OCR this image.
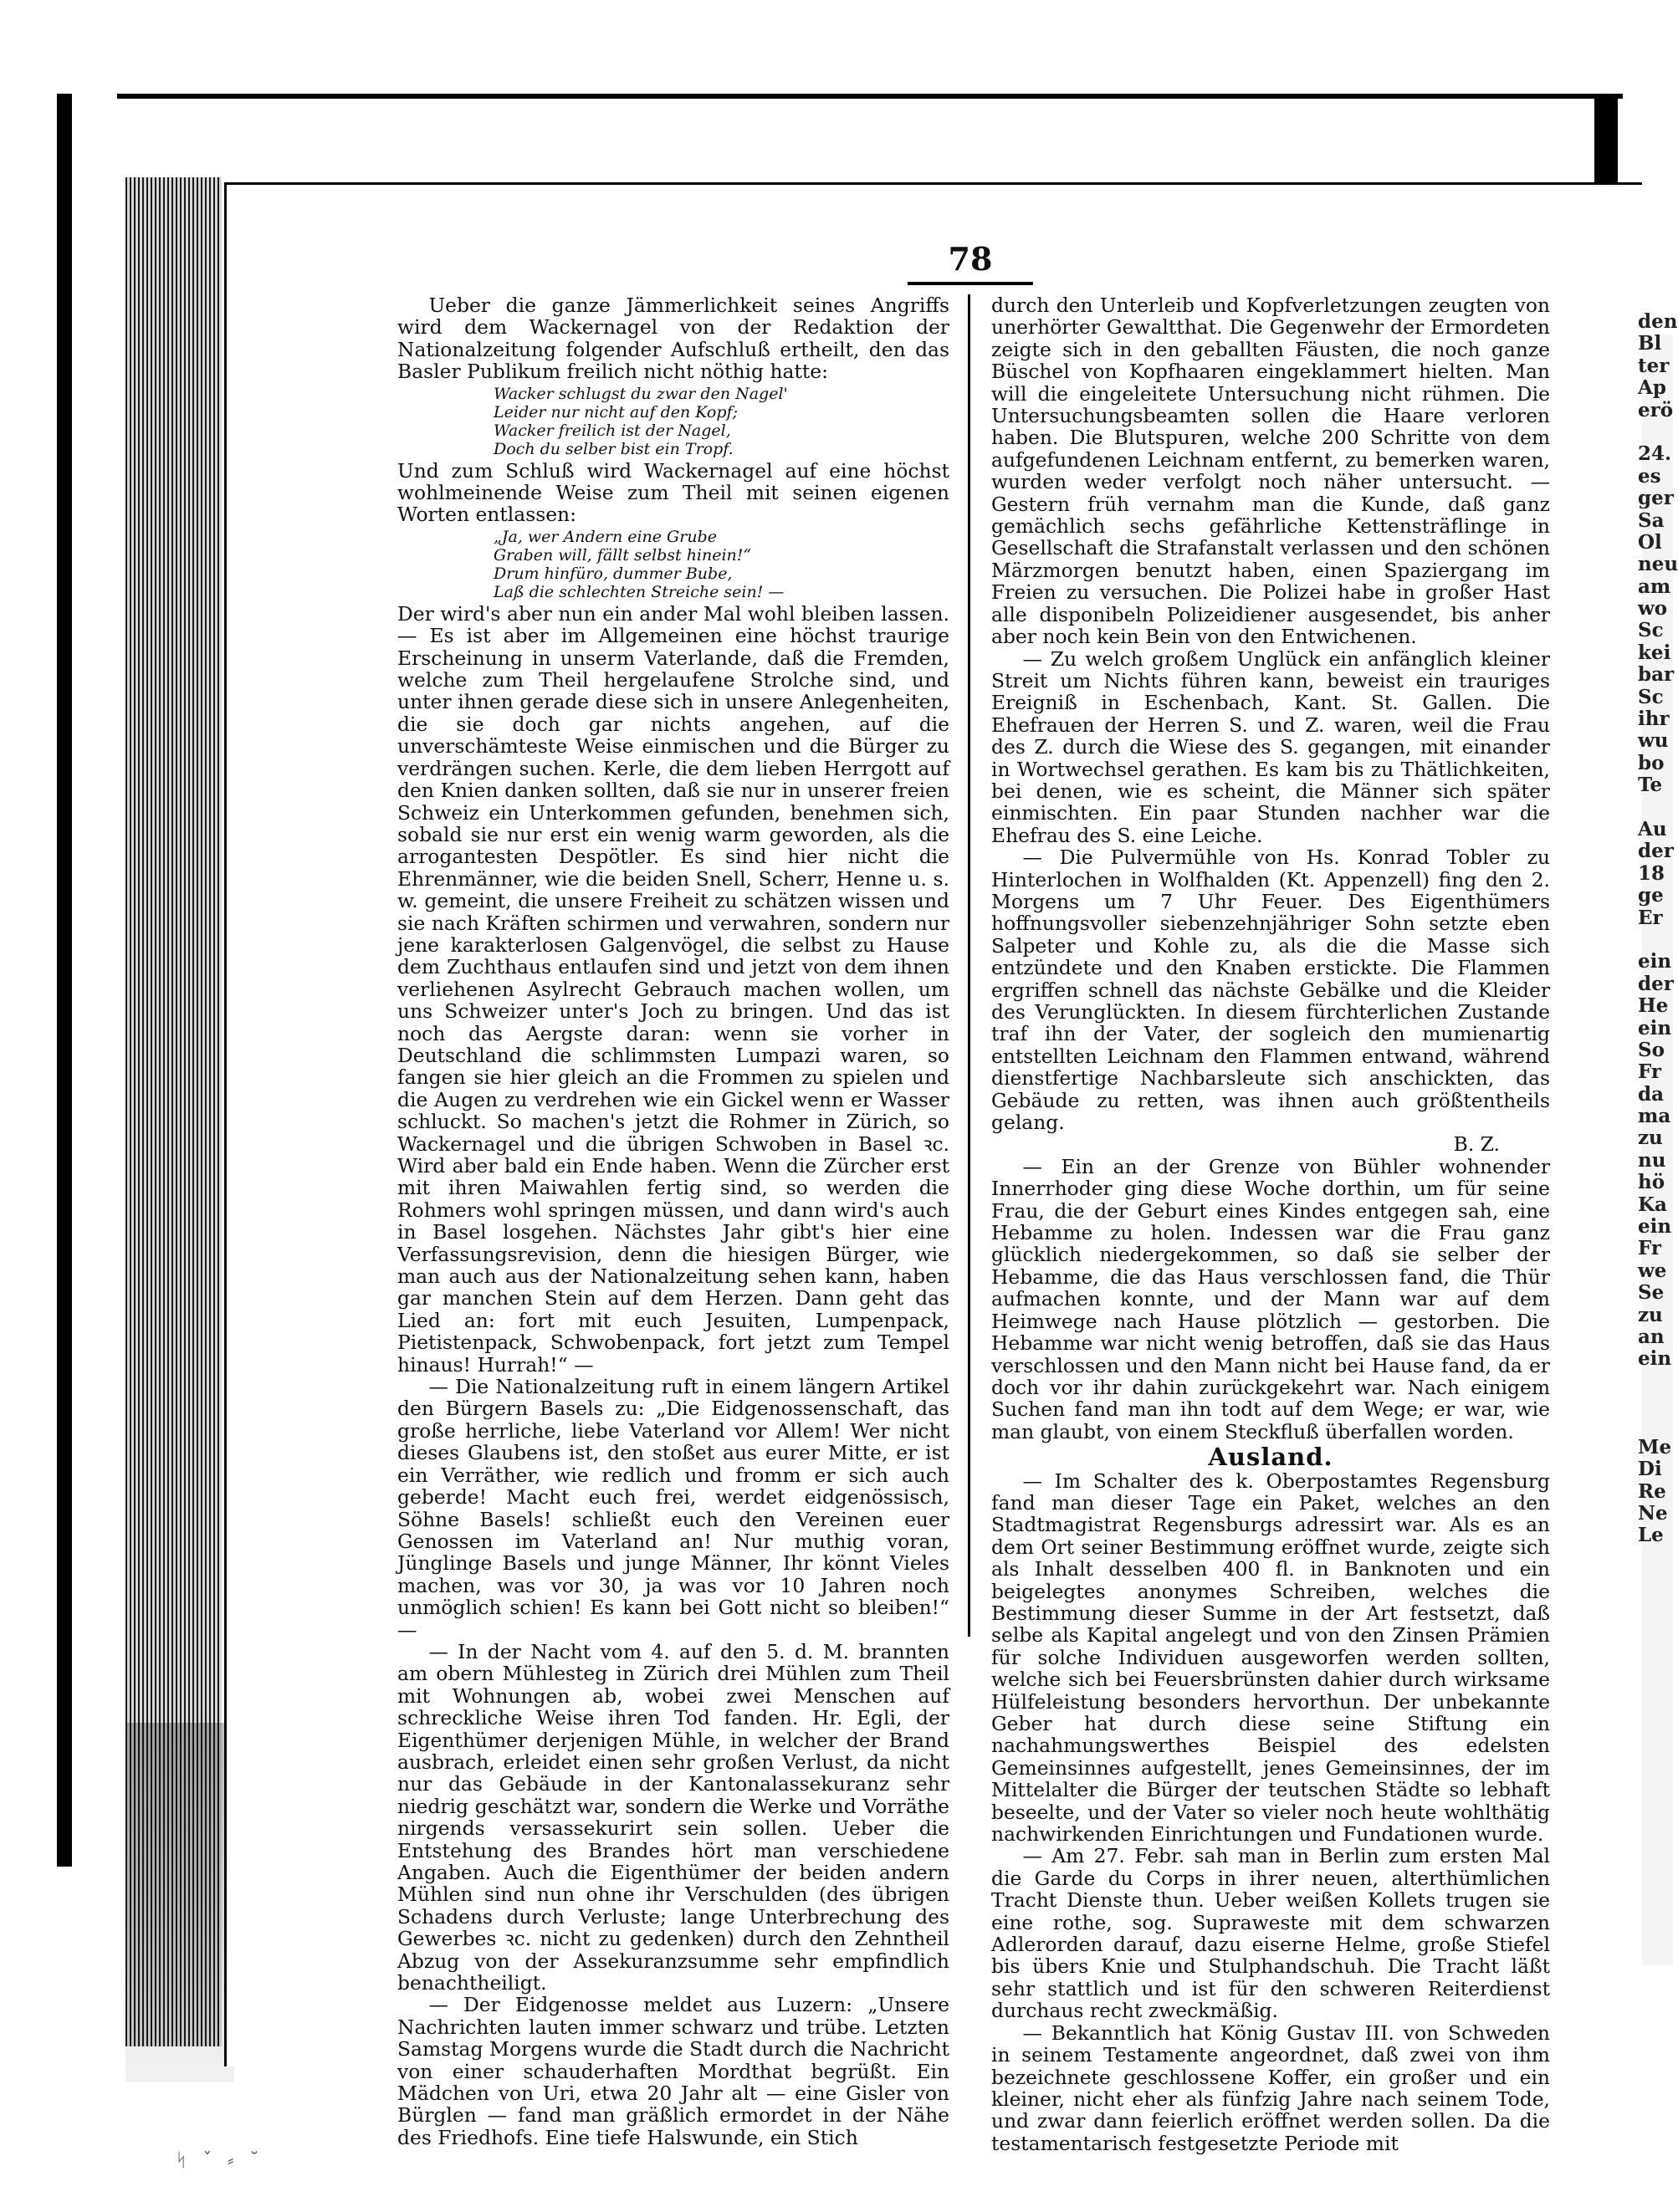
78

Ueber die ganze Jämmerlichkeit seines Angriffs wird dem Wackernagel von der Redaktion der Nationalzeitung folgender Aufschluß ertheilt, den das Basler Publikum freilich nicht nöthig hatte:

Wacker schlugst du zwar den Nagel'
Leider nur nicht auf den Kopf;
Wacker freilich ist der Nagel,
Doch du selber bist ein Tropf.

Und zum Schluß wird Wackernagel auf eine höchst wohlmeinende Weise zum Theil mit seinen eigenen Worten entlassen:

„Ja, wer Andern eine Grube
Graben will, fällt selbst hinein!“
Drum hinfüro, dummer Bube,
Laß die schlechten Streiche sein! —

Der wird's aber nun ein ander Mal wohl bleiben lassen. — Es ist aber im Allgemeinen eine höchst traurige Erscheinung in unserm Vaterlande, daß die Fremden, welche zum Theil hergelaufene Strolche sind, und unter ihnen gerade diese sich in unsere Anlegenheiten, die sie doch gar nichts angehen, auf die unverschämteste Weise einmischen und die Bürger zu verdrängen suchen. Kerle, die dem lieben Herrgott auf den Knien danken sollten, daß sie nur in unserer freien Schweiz ein Unterkommen gefunden, benehmen sich, sobald sie nur erst ein wenig warm geworden, als die arrogantesten Despötler. Es sind hier nicht die Ehrenmänner, wie die beiden Snell, Scherr, Henne u. s. w. gemeint, die unsere Freiheit zu schätzen wissen und sie nach Kräften schirmen und verwahren, sondern nur jene karakterlosen Galgenvögel, die selbst zu Hause dem Zuchthaus entlaufen sind und jetzt von dem ihnen verliehenen Asylrecht Gebrauch machen wollen, um uns Schweizer unter's Joch zu bringen. Und das ist noch das Aergste daran: wenn sie vorher in Deutschland die schlimmsten Lumpazi waren, so fangen sie hier gleich an die Frommen zu spielen und die Augen zu verdrehen wie ein Gickel wenn er Wasser schluckt. So machen's jetzt die Rohmer in Zürich, so Wackernagel und die übrigen Schwoben in Basel ꝛc. Wird aber bald ein Ende haben. Wenn die Zürcher erst mit ihren Maiwahlen fertig sind, so werden die Rohmers wohl springen müssen, und dann wird's auch in Basel losgehen. Nächstes Jahr gibt's hier eine Verfassungsrevision, denn die hiesigen Bürger, wie man auch aus der Nationalzeitung sehen kann, haben gar manchen Stein auf dem Herzen. Dann geht das Lied an: fort mit euch Jesuiten, Lumpenpack, Pietistenpack, Schwobenpack, fort jetzt zum Tempel hinaus! Hurrah!“ —

— Die Nationalzeitung ruft in einem längern Artikel den Bürgern Basels zu: „Die Eidgenossenschaft, das große herrliche, liebe Vaterland vor Allem! Wer nicht dieses Glaubens ist, den stoßet aus eurer Mitte, er ist ein Verräther, wie redlich und fromm er sich auch geberde! Macht euch frei, werdet eidgenössisch, Söhne Basels! schließt euch den Vereinen euer Genossen im Vaterland an! Nur muthig voran, Jünglinge Basels und junge Männer, Ihr könnt Vieles machen, was vor 30, ja was vor 10 Jahren noch unmöglich schien! Es kann bei Gott nicht so bleiben!“ —

— In der Nacht vom 4. auf den 5. d. M. brannten am obern Mühlesteg in Zürich drei Mühlen zum Theil mit Wohnungen ab, wobei zwei Menschen auf schreckliche Weise ihren Tod fanden. Hr. Egli, der Eigenthümer derjenigen Mühle, in welcher der Brand ausbrach, erleidet einen sehr großen Verlust, da nicht nur das Gebäude in der Kantonalassekuranz sehr niedrig geschätzt war, sondern die Werke und Vorräthe nirgends versassekurirt sein sollen. Ueber die Entstehung des Brandes hört man verschiedene Angaben. Auch die Eigenthümer der beiden andern Mühlen sind nun ohne ihr Verschulden (des übrigen Schadens durch Verluste; lange Unterbrechung des Gewerbes ꝛc. nicht zu gedenken) durch den Zehntheil Abzug von der Assekuranzsumme sehr empfindlich benachtheiligt.

— Der Eidgenosse meldet aus Luzern: „Unsere Nachrichten lauten immer schwarz und trübe. Letzten Samstag Morgens wurde die Stadt durch die Nachricht von einer schauderhaften Mordthat begrüßt. Ein Mädchen von Uri, etwa 20 Jahr alt — eine Gisler von Bürglen — fand man gräßlich ermordet in der Nähe des Friedhofs. Eine tiefe Halswunde, ein Stich

durch den Unterleib und Kopfverletzungen zeugten von unerhörter Gewaltthat. Die Gegenwehr der Ermordeten zeigte sich in den geballten Fäusten, die noch ganze Büschel von Kopfhaaren eingeklammert hielten. Man will die eingeleitete Untersuchung nicht rühmen. Die Untersuchungsbeamten sollen die Haare verloren haben. Die Blutspuren, welche 200 Schritte von dem aufgefundenen Leichnam entfernt, zu bemerken waren, wurden weder verfolgt noch näher untersucht. — Gestern früh vernahm man die Kunde, daß ganz gemächlich sechs gefährliche Kettensträflinge in Gesellschaft die Strafanstalt verlassen und den schönen Märzmorgen benutzt haben, einen Spaziergang im Freien zu versuchen. Die Polizei habe in großer Hast alle disponibeln Polizeidiener ausgesendet, bis anher aber noch kein Bein von den Entwichenen.

— Zu welch großem Unglück ein anfänglich kleiner Streit um Nichts führen kann, beweist ein trauriges Ereigniß in Eschenbach, Kant. St. Gallen. Die Ehefrauen der Herren S. und Z. waren, weil die Frau des Z. durch die Wiese des S. gegangen, mit einander in Wortwechsel gerathen. Es kam bis zu Thätlichkeiten, bei denen, wie es scheint, die Männer sich später einmischten. Ein paar Stunden nachher war die Ehefrau des S. eine Leiche.

— Die Pulvermühle von Hs. Konrad Tobler zu Hinterlochen in Wolfhalden (Kt. Appenzell) fing den 2. Morgens um 7 Uhr Feuer. Des Eigenthümers hoffnungsvoller siebenzehnjähriger Sohn setzte eben Salpeter und Kohle zu, als die die Masse sich entzündete und den Knaben erstickte. Die Flammen ergriffen schnell das nächste Gebälke und die Kleider des Verunglückten. In diesem fürchterlichen Zustande traf ihn der Vater, der sogleich den mumienartig entstellten Leichnam den Flammen entwand, während dienstfertige Nachbarsleute sich anschickten, das Gebäude zu retten, was ihnen auch größtentheils gelang.

B. Z.

— Ein an der Grenze von Bühler wohnender Innerrhoder ging diese Woche dorthin, um für seine Frau, die der Geburt eines Kindes entgegen sah, eine Hebamme zu holen. Indessen war die Frau ganz glücklich niedergekommen, so daß sie selber der Hebamme, die das Haus verschlossen fand, die Thür aufmachen konnte, und der Mann war auf dem Heimwege nach Hause plötzlich — gestorben. Die Hebamme war nicht wenig betroffen, daß sie das Haus verschlossen und den Mann nicht bei Hause fand, da er doch vor ihr dahin zurückgekehrt war. Nach einigem Suchen fand man ihn todt auf dem Wege; er war, wie man glaubt, von einem Steckfluß überfallen worden.

Ausland.

— Im Schalter des k. Oberpostamtes Regensburg fand man dieser Tage ein Paket, welches an den Stadtmagistrat Regensburgs adressirt war. Als es an dem Ort seiner Bestimmung eröffnet wurde, zeigte sich als Inhalt desselben 400 fl. in Banknoten und ein beigelegtes anonymes Schreiben, welches die Bestimmung dieser Summe in der Art festsetzt, daß selbe als Kapital angelegt und von den Zinsen Prämien für solche Individuen ausgeworfen werden sollten, welche sich bei Feuersbrünsten dahier durch wirksame Hülfeleistung besonders hervorthun. Der unbekannte Geber hat durch diese seine Stiftung ein nachahmungswerthes Beispiel des edelsten Gemeinsinnes aufgestellt, jenes Gemeinsinnes, der im Mittelalter die Bürger der teutschen Städte so lebhaft beseelte, und der Vater so vieler noch heute wohlthätig nachwirkenden Einrichtungen und Fundationen wurde.

— Am 27. Febr. sah man in Berlin zum ersten Mal die Garde du Corps in ihrer neuen, alterthümlichen Tracht Dienste thun. Ueber weißen Kollets trugen sie eine rothe, sog. Supraweste mit dem schwarzen Adlerorden darauf, dazu eiserne Helme, große Stiefel bis übers Knie und Stulphandschuh. Die Tracht läßt sehr stattlich und ist für den schweren Reiterdienst durchaus recht zweckmäßig.

— Bekanntlich hat König Gustav III. von Schweden in seinem Testamente angeordnet, daß zwei von ihm bezeichnete geschlossene Koffer, ein großer und ein kleiner, nicht eher als fünfzig Jahre nach seinem Tode, und zwar dann feierlich eröffnet werden sollen. Da die testamentarisch festgesetzte Periode mit

den
Bl
ter
Ap
erö
24.
es
ger
Sa
Ol
neu
am
wo
Sc
kei
bar
Sc
ihr
wu
bo
Te
Au
der
18
ge
Er
ein
der
He
ein
So
Fr
da
ma
zu
nu
hö
Ka
ein
Fr
we
Se
zu
an
ein
Me
Di
Re
Ne
Le
ᛋ ˇ ⸗ ˘
